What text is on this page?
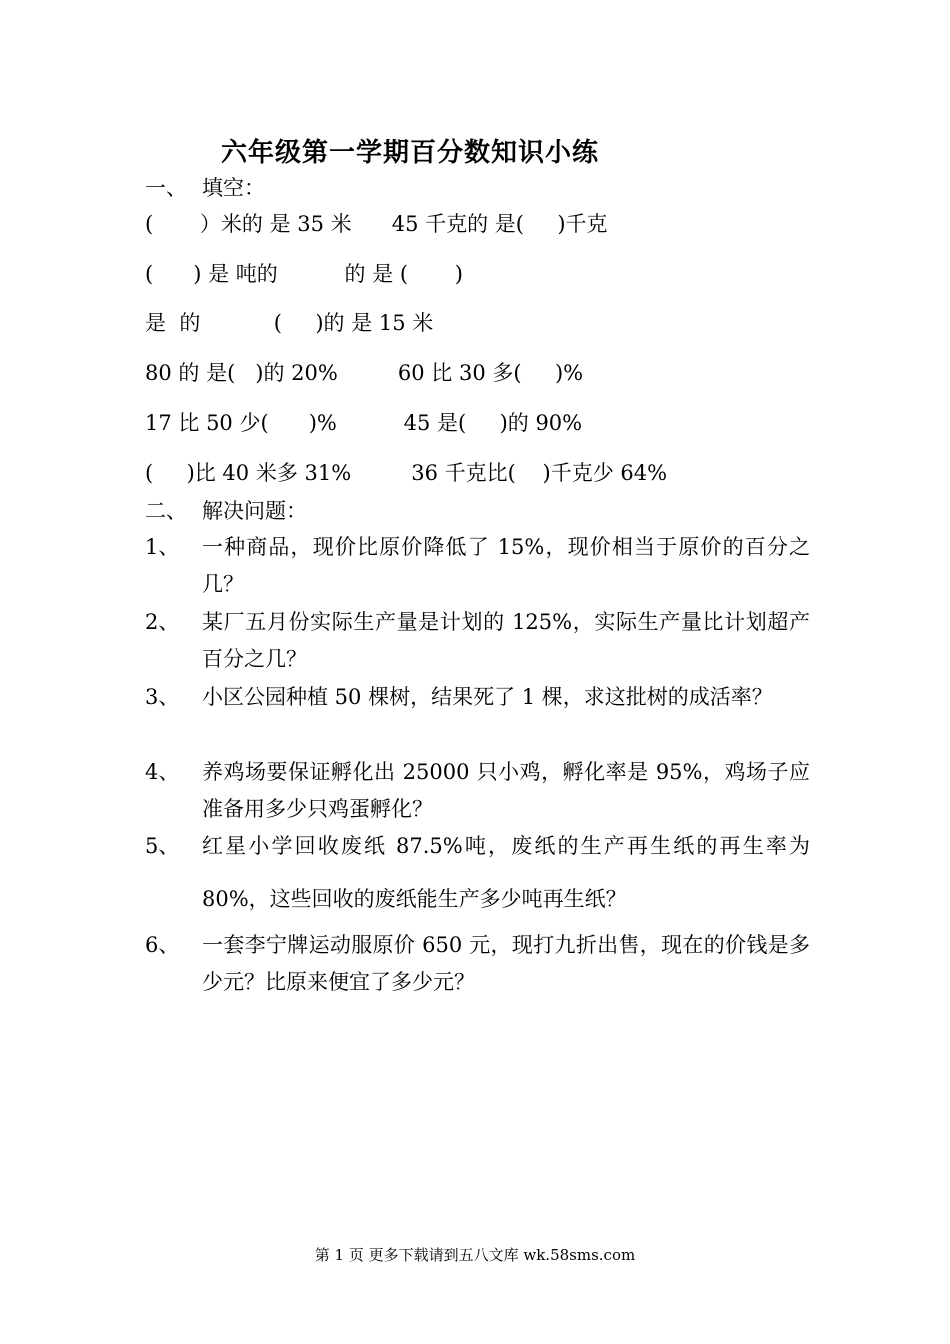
六年级第一学期百分数知识小练
一、 填空：
(       ）米的 是 35 米      45 千克的 是(     )千克
(      ) 是 吨的          的 是 (       )
是  的           (     )的 是 15 米
80 的 是(   )的 20%         60 比 30 多(     )%
17 比 50 少(      )%          45 是(     )的 90%
(     )比 40 米多 31%         36 千克比(    )千克少 64%
二、 解决问题：
1、 一种商品，现价比原价降低了 15%，现价相当于原价的百分之几？
2、 某厂五月份实际生产量是计划的 125%，实际生产量比计划超产百分之几？
3、 小区公园种植 50 棵树，结果死了 1 棵，求这批树的成活率？
4、 养鸡场要保证孵化出 25000 只小鸡，孵化率是 95%，鸡场子应准备用多少只鸡蛋孵化？
5、 红星小学回收废纸 87.5%吨，废纸的生产再生纸的再生率为 80%，这些回收的废纸能生产多少吨再生纸？
6、 一套李宁牌运动服原价 650 元，现打九折出售，现在的价钱是多少元？比原来便宜了多少元？
第 1 页 更多下载请到五八文库 wk.58sms.com
